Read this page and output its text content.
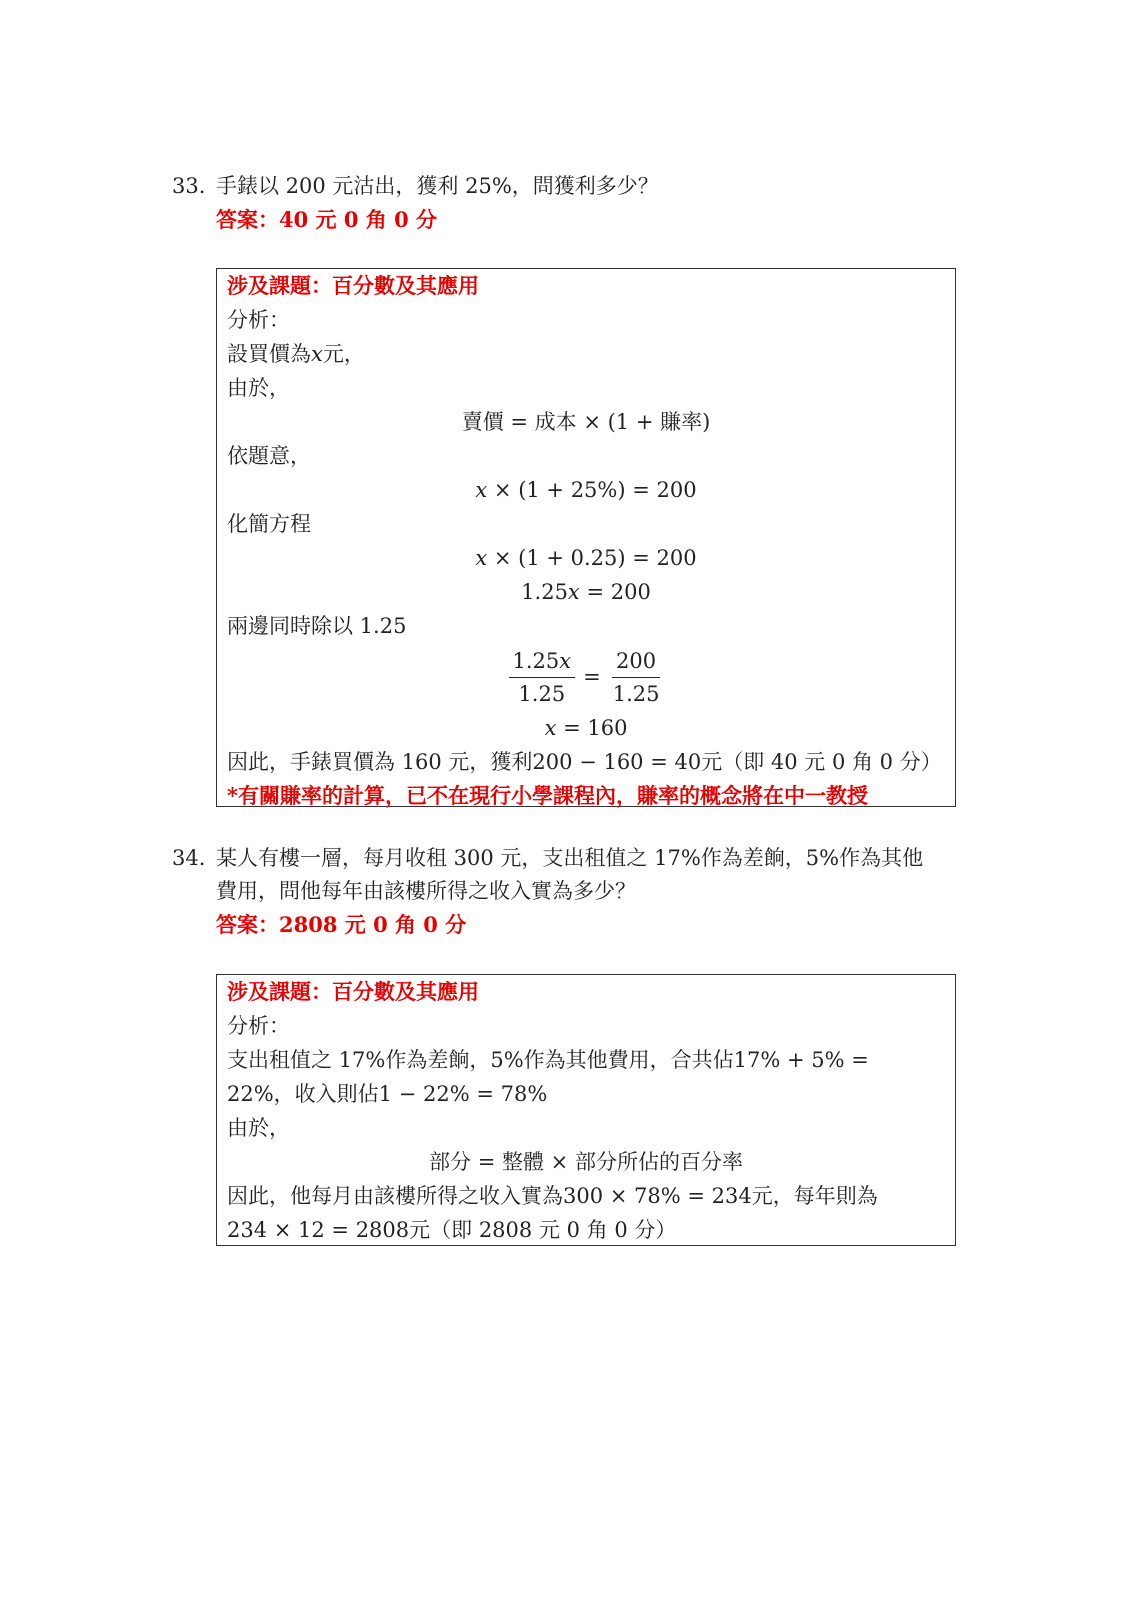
33. 手錶以 200 元沽出，獲利 25%，問獲利多少？
答案：40 元 0 角 0 分
涉及課題：百分數及其應用
分析：
設買價為𝑥元，
由於，
賣價 = 成本 × (1 + 賺率)
依題意，
𝑥 × (1 + 25%) = 200
化簡方程
𝑥 × (1 + 0.25) = 200
1.25𝑥 = 200
兩邊同時除以 1.25
$\frac{\text{1.25𝑥}}{1.25} = \frac{200}{1.25}$
𝑥 = 160
因此，手錶買價為 160 元，獲利200 − 160 = 40元（即 40 元 0 角 0 分）
*有關賺率的計算，已不在現行小學課程內，賺率的概念將在中一教授
34. 某人有樓一層，每月收租 300 元，支出租值之 17%作為差餉，5%作為其他
費用，問他每年由該樓所得之收入實為多少？
答案：2808 元 0 角 0 分
涉及課題：百分數及其應用
分析：
支出租值之 17%作為差餉，5%作為其他費用，合共佔17% + 5% =
22%，收入則佔1 − 22% = 78%
由於，
部分 = 整體 × 部分所佔的百分率
因此，他每月由該樓所得之收入實為300 × 78% = 234元，每年則為
234 × 12 = 2808元（即 2808 元 0 角 0 分）
